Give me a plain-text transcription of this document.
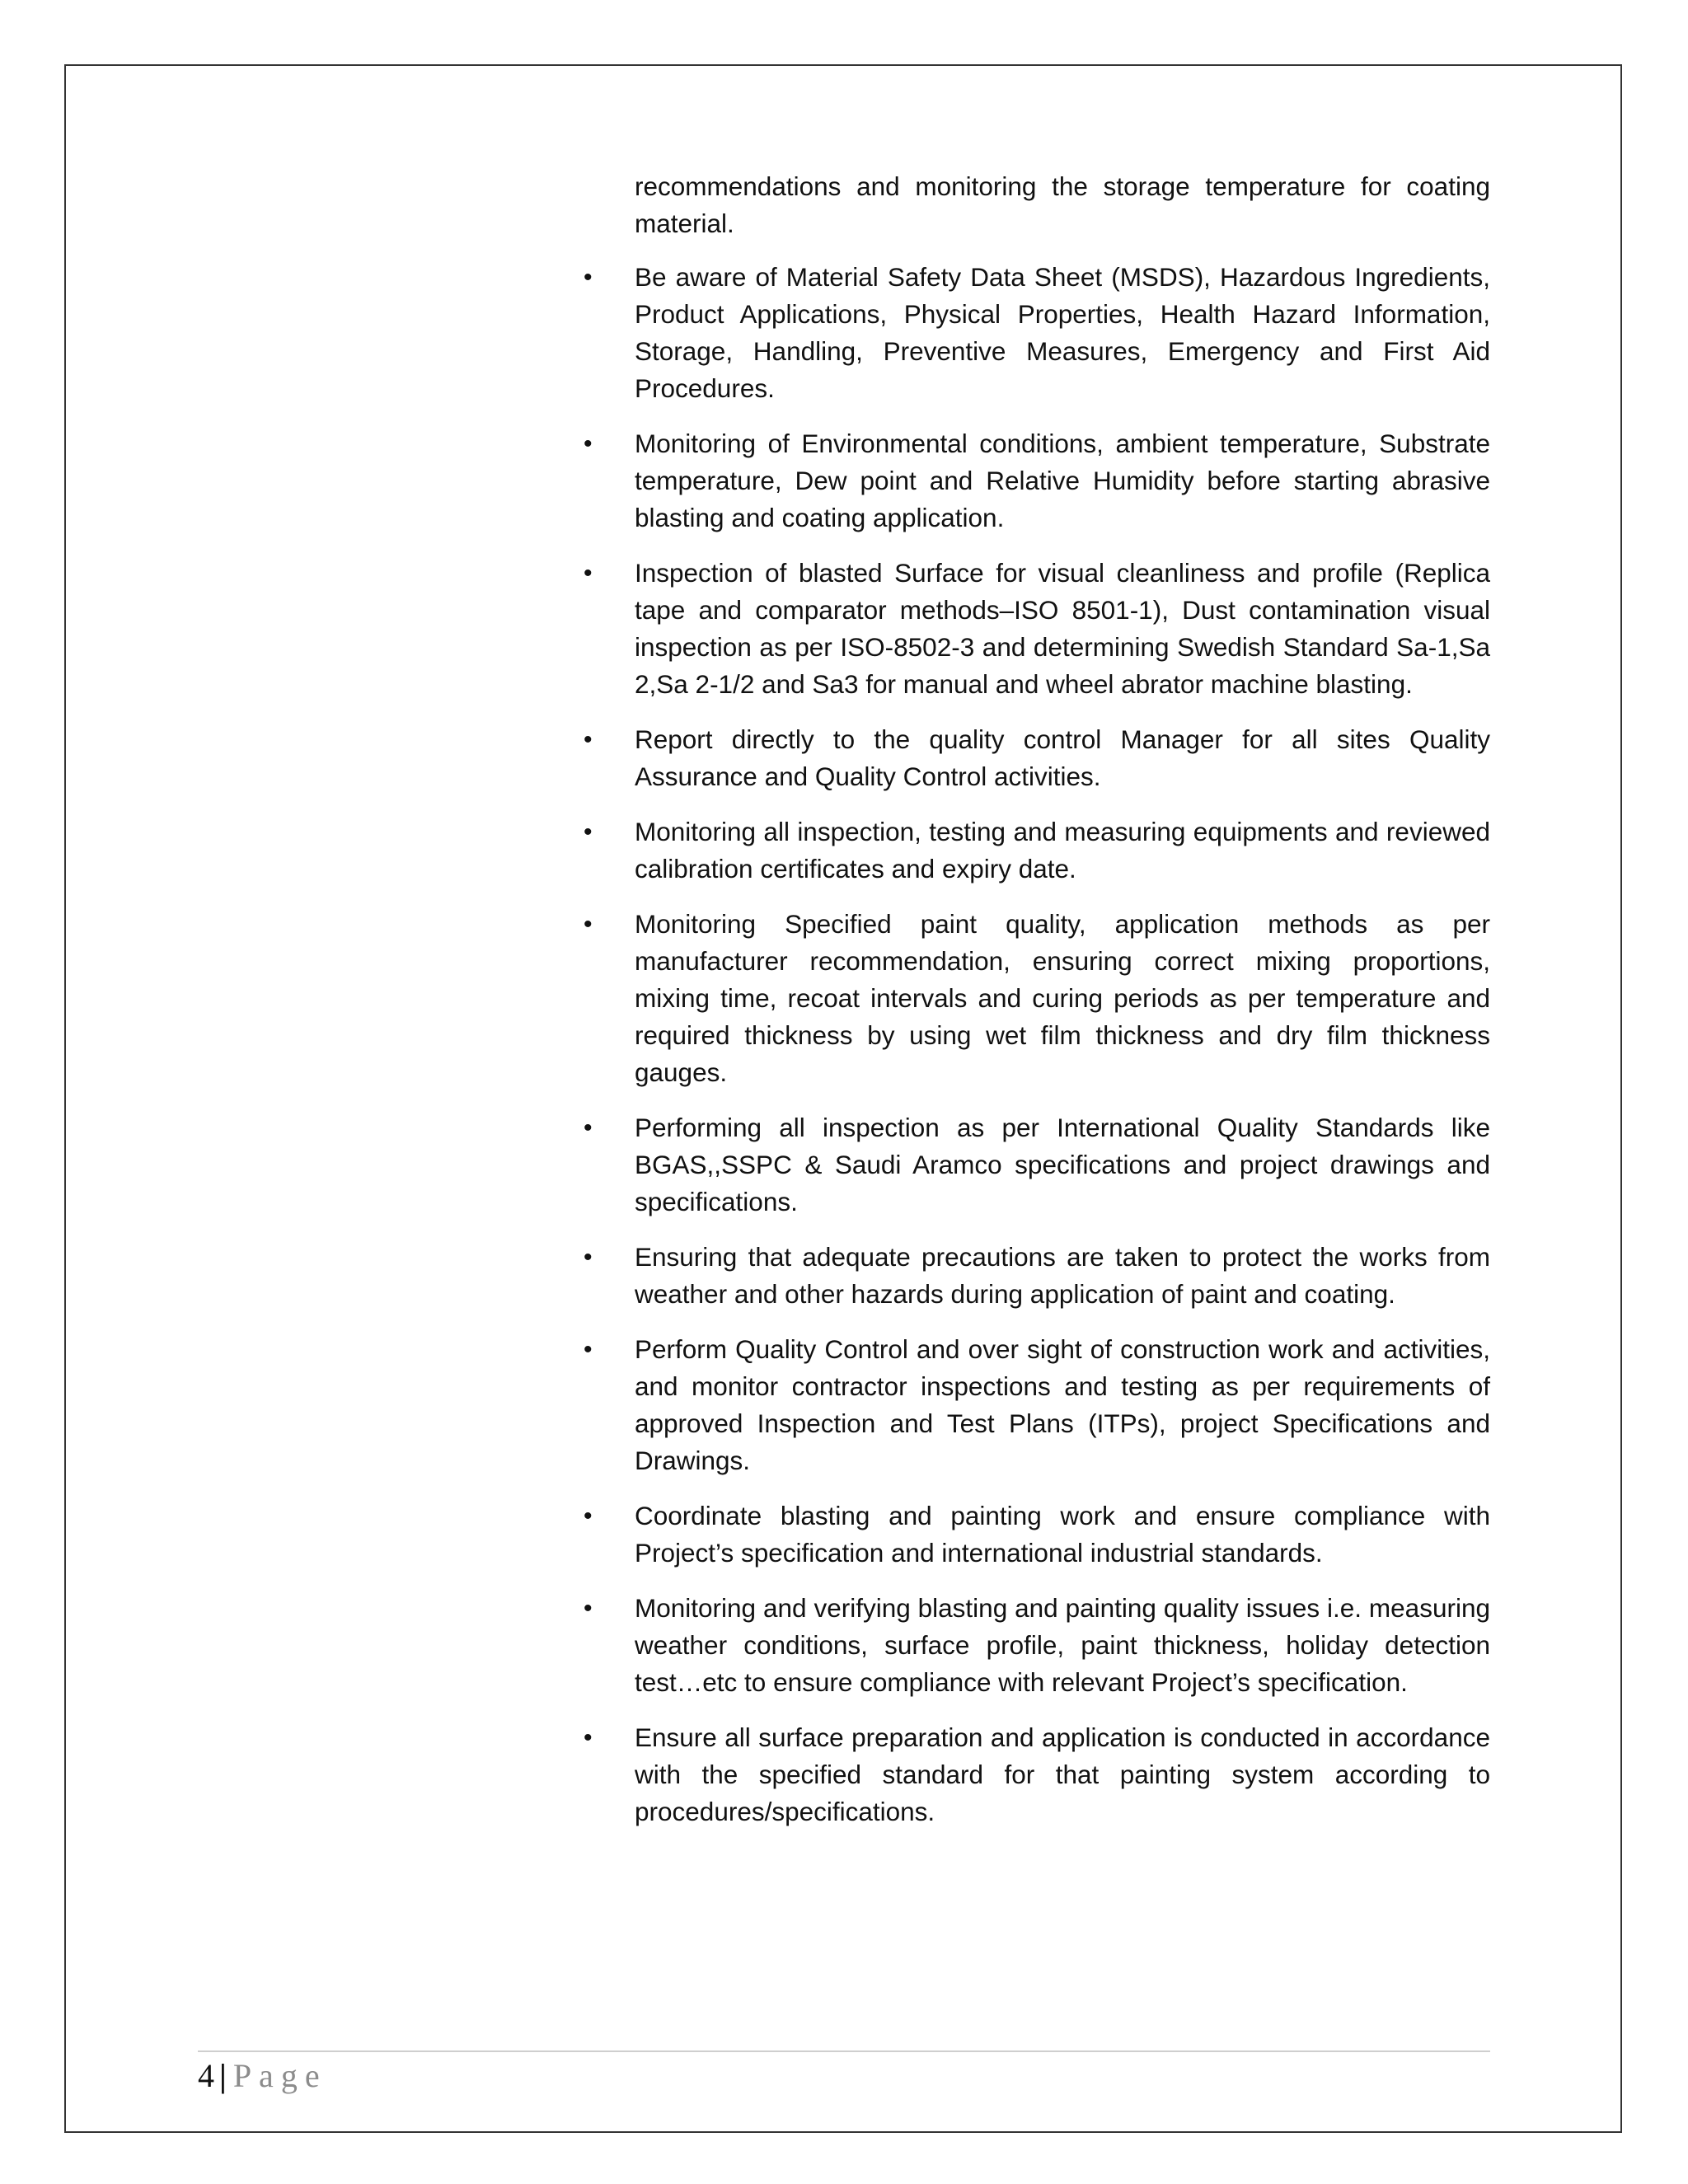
recommendations and monitoring the storage temperature for coating material.

• Be aware of Material Safety Data Sheet (MSDS), Hazardous Ingredients, Product Applications, Physical Properties, Health Hazard Information, Storage, Handling, Preventive Measures, Emergency and First Aid Procedures.
• Monitoring of Environmental conditions, ambient temperature, Substrate temperature, Dew point and Relative Humidity before starting abrasive blasting and coating application.
• Inspection of blasted Surface for visual cleanliness and profile (Replica tape and comparator methods–ISO 8501-1), Dust contamination visual inspection as per ISO-8502-3 and determining Swedish Standard Sa-1,Sa 2,Sa 2-1/2 and Sa3 for manual and wheel abrator machine blasting.
• Report directly to the quality control Manager for all sites Quality Assurance and Quality Control activities.
• Monitoring all inspection, testing and measuring equipments and reviewed calibration certificates and expiry date.
• Monitoring Specified paint quality, application methods as per manufacturer recommendation, ensuring correct mixing proportions, mixing time, recoat intervals and curing periods as per temperature and required thickness by using wet film thickness and dry film thickness gauges.
• Performing all inspection as per International Quality Standards like BGAS,,SSPC & Saudi Aramco specifications and project drawings and specifications.
• Ensuring that adequate precautions are taken to protect the works from weather and other hazards during application of paint and coating.
• Perform Quality Control and over sight of construction work and activities, and monitor contractor inspections and testing as per requirements of approved Inspection and Test Plans (ITPs), project Specifications and Drawings.
• Coordinate blasting and painting work and ensure compliance with Project’s specification and international industrial standards.
• Monitoring and verifying blasting and painting quality issues i.e. measuring weather conditions, surface profile, paint thickness, holiday detection test…etc to ensure compliance with relevant Project’s specification.
• Ensure all surface preparation and application is conducted in accordance with the specified standard for that painting system according to procedures/specifications.
4 | Page
